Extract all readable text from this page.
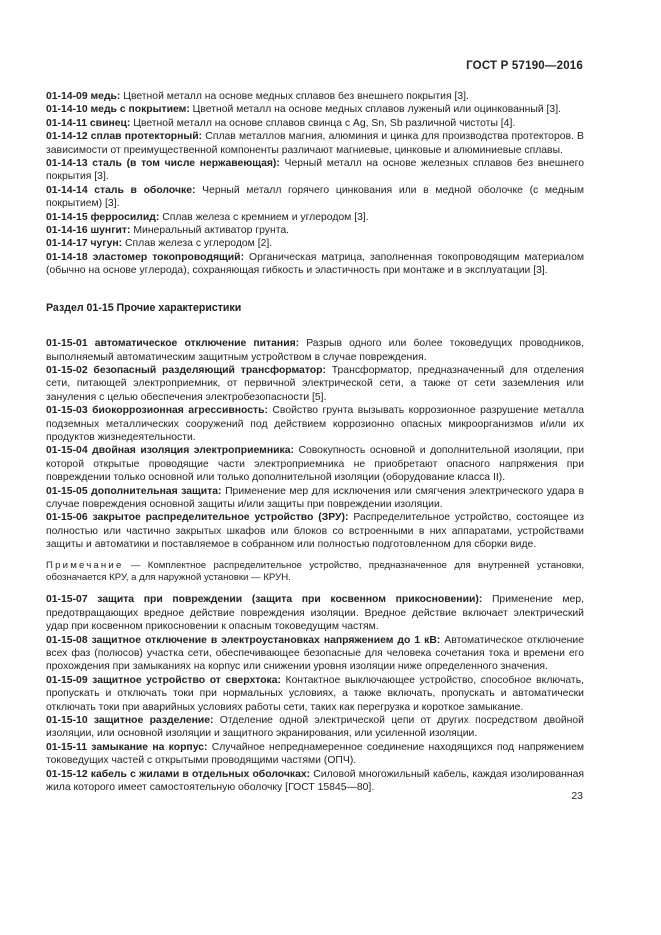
ГОСТ Р 57190—2016

01-14-09 медь: Цветной металл на основе медных сплавов без внешнего покрытия [3].

01-14-10 медь с покрытием: Цветной металл на основе медных сплавов луженый или оцинкованный [3].

01-14-11 свинец: Цветной металл на основе сплавов свинца с Ag, Sn, Sb различной чистоты [4].

01-14-12 сплав протекторный: Сплав металлов магния, алюминия и цинка для производства протекторов. В зависимости от преимущественной компоненты различают магниевые, цинковые и алюминиевые сплавы.

01-14-13 сталь (в том числе нержавеющая): Черный металл на основе железных сплавов без внешнего покрытия [3].

01-14-14 сталь в оболочке: Черный металл горячего цинкования или в медной оболочке (с медным покрытием) [3].

01-14-15 ферросилид: Сплав железа с кремнием и углеродом [3].

01-14-16 шунгит: Минеральный активатор грунта.

01-14-17 чугун: Сплав железа с углеродом [2].

01-14-18 эластомер токопроводящий: Органическая матрица, заполненная токопроводящим материалом (обычно на основе углерода), сохраняющая гибкость и эластичность при монтаже и в эксплуатации [3].

Раздел 01-15 Прочие характеристики

01-15-01 автоматическое отключение питания: Разрыв одного или более токоведущих проводников, выполняемый автоматическим защитным устройством в случае повреждения.

01-15-02 безопасный разделяющий трансформатор: Трансформатор, предназначенный для отделения сети, питающей электроприемник, от первичной электрической сети, а также от сети заземления или зануления с целью обеспечения электробезопасности [5].

01-15-03 биокоррозионная агрессивность: Свойство грунта вызывать коррозионное разрушение металла подземных металлических сооружений под действием коррозионно опасных микроорганизмов и/или их продуктов жизнедеятельности.

01-15-04 двойная изоляция электроприемника: Совокупность основной и дополнительной изоляции, при которой открытые проводящие части электроприемника не приобретают опасного напряжения при повреждении только основной или только дополнительной изоляции (оборудование класса II).

01-15-05 дополнительная защита: Применение мер для исключения или смягчения электрического удара в случае повреждения основной защиты и/или защиты при повреждении изоляции.

01-15-06 закрытое распределительное устройство (ЗРУ): Распределительное устройство, состоящее из полностью или частично закрытых шкафов или блоков со встроенными в них аппаратами, устройствами защиты и автоматики и поставляемое в собранном или полностью подготовленном для сборки виде.

Примечание — Комплектное распределительное устройство, предназначенное для внутренней установки, обозначается КРУ, а для наружной установки — КРУН.

01-15-07 защита при повреждении (защита при косвенном прикосновении): Применение мер, предотвращающих вредное действие повреждения изоляции. Вредное действие включает электрический удар при косвенном прикосновении к опасным токоведущим частям.

01-15-08 защитное отключение в электроустановках напряжением до 1 кВ: Автоматическое отключение всех фаз (полюсов) участка сети, обеспечивающее безопасные для человека сочетания тока и времени его прохождения при замыканиях на корпус или снижении уровня изоляции ниже определенного значения.

01-15-09 защитное устройство от сверхтока: Контактное выключающее устройство, способное включать, пропускать и отключать токи при нормальных условиях, а также включать, пропускать и автоматически отключать токи при аварийных условиях работы сети, таких как перегрузка и короткое замыкание.

01-15-10 защитное разделение: Отделение одной электрической цепи от других посредством двойной изоляции, или основной изоляции и защитного экранирования, или усиленной изоляции.

01-15-11 замыкание на корпус: Случайное непреднамеренное соединение находящихся под напряжением токоведущих частей с открытыми проводящими частями (ОПЧ).

01-15-12 кабель с жилами в отдельных оболочках: Силовой многожильный кабель, каждая изолированная жила которого имеет самостоятельную оболочку [ГОСТ 15845—80].

23
